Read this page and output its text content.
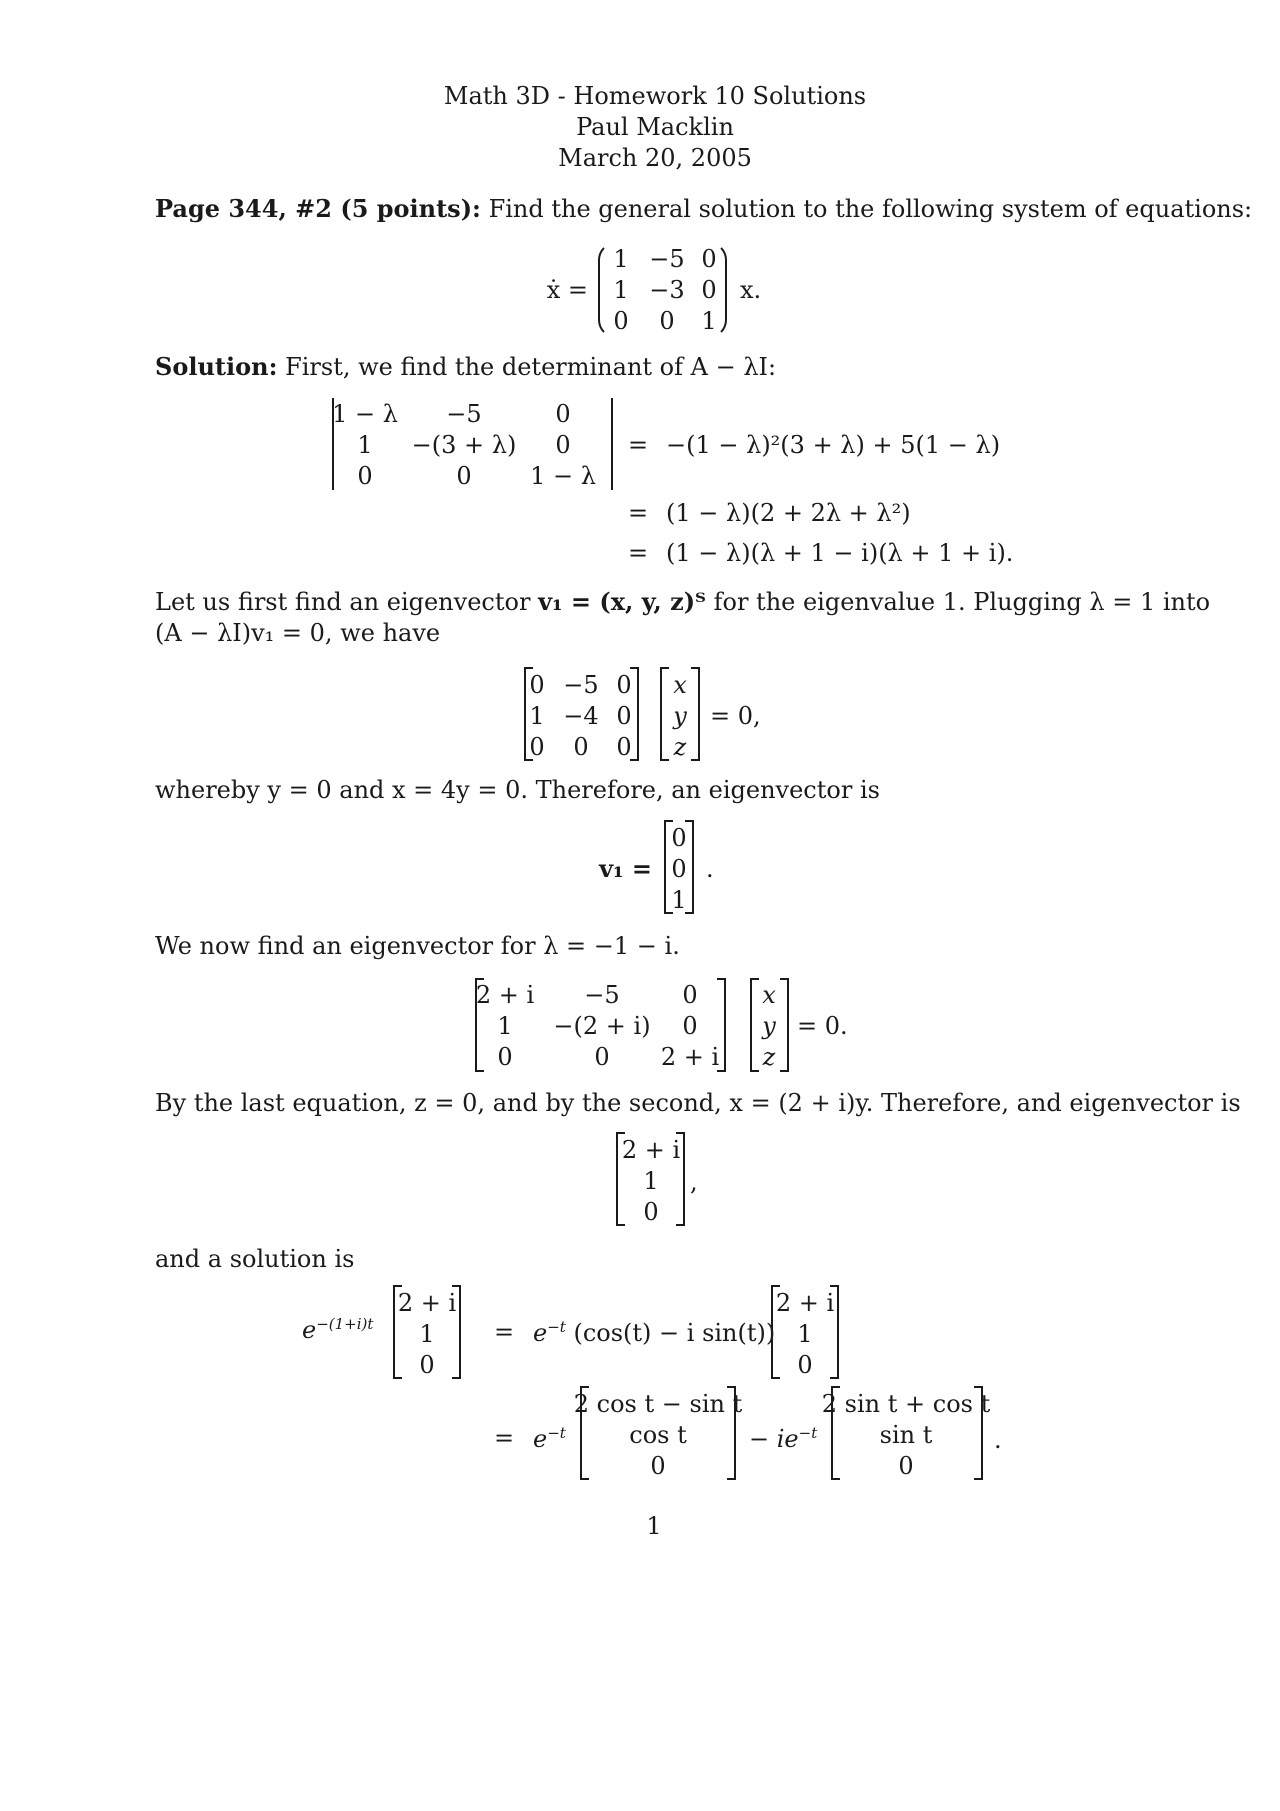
Math 3D - Homework 10 Solutions
Paul Macklin
March 20, 2005
Page 344, #2 (5 points): Find the general solution to the following system of equations:
ẋ =
1 −5 0
1 −3 0
0 0 1
x.
Solution: First, we find the determinant of A − λI:
1 − λ −5	0
1 −(3 + λ) 0
0	0 1 − λ
= −(1 − λ)²(3 + λ) + 5(1 − λ)
= (1 − λ)(2 + 2λ + λ²)
= (1 − λ)(λ + 1 − i)(λ + 1 + i).
Let us first find an eigenvector v₁ = (x, y, z)ᵀ for the eigenvalue 1. Plugging λ = 1 into
(A − λI)v₁ = 0, we have
0 −5 0
1 −4 0
0 0 0
x
y
z
= 0,
whereby y = 0 and x = 4y = 0. Therefore, an eigenvector is
v₁ =
0
0
1
.
We now find an eigenvector for λ = −1 − i.
2 + i −5	0
1 −(2 + i) 0
0	0 2 + i
x
y
z
= 0.
By the last equation, z = 0, and by the second, x = (2 + i)y. Therefore, and eigenvector is
2 + i
1
0
,
and a solution is
$e^{-(1+i)t}$
2 + i
1
0
= $e^{-t}$ (cos(t) − i sin(t))
2 + i
1
0
= $e^{-t}$
2 cos t − sin t
cos t
0
− $ie^{-t}$
2 sin t + cos t
sin t
0
.
1
